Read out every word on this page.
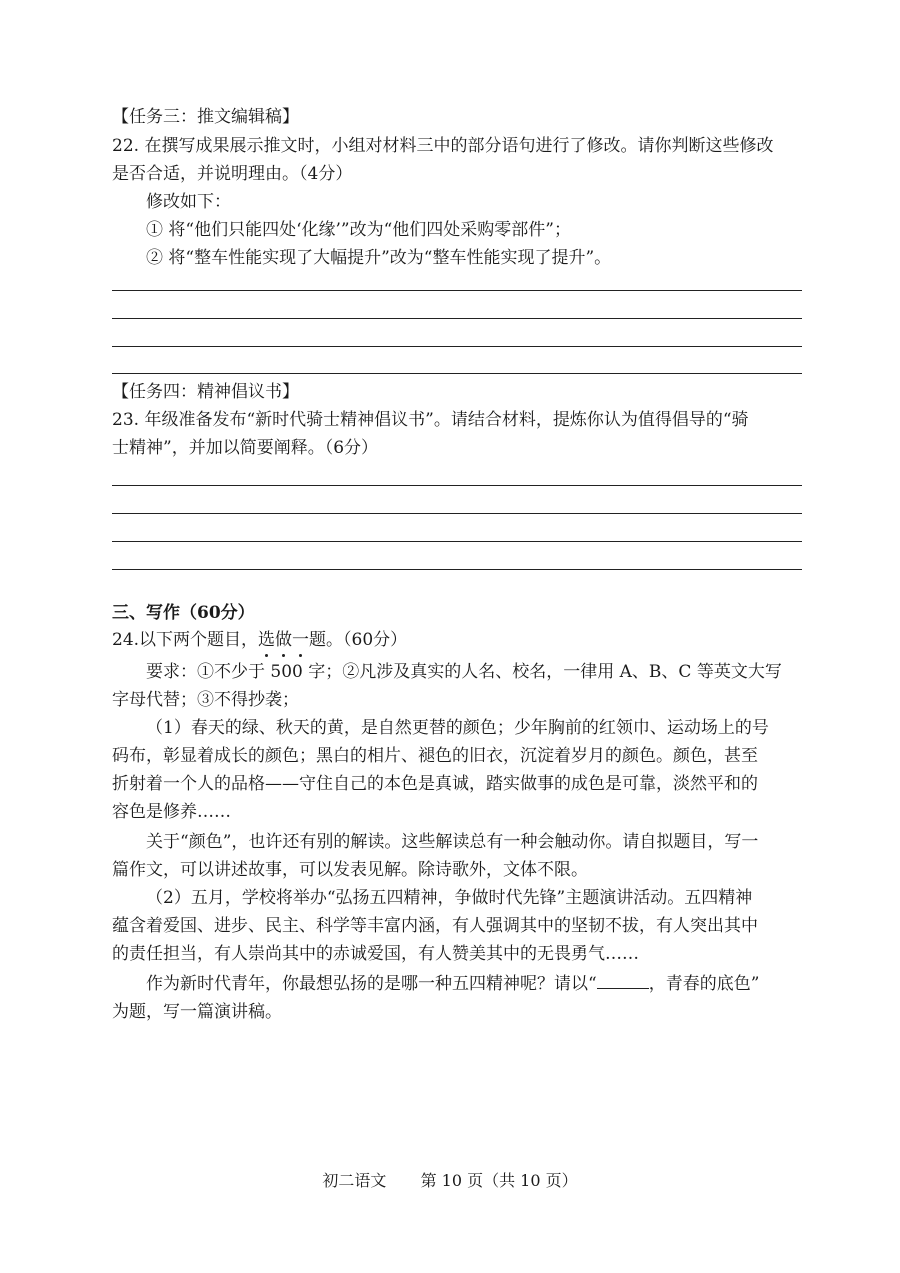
【任务三：推文编辑稿】
22. 在撰写成果展示推文时，小组对材料三中的部分语句进行了修改。请你判断这些修改
是否合适，并说明理由。（4分）
修改如下：
① 将“他们只能四处‘化缘’”改为“他们四处采购零部件”；
② 将“整车性能实现了大幅提升”改为“整车性能实现了提升”。
【任务四：精神倡议书】
23. 年级准备发布“新时代骑士精神倡议书”。请结合材料，提炼你认为值得倡导的“骑
士精神”，并加以简要阐释。（6分）
三、写作（60分）
24.以下两个题目，选做一题。（60分）
要求：①不少于 500 字；②凡涉及真实的人名、校名，一律用 A、B、C 等英文大写
字母代替；③不得抄袭；
（1）春天的绿、秋天的黄，是自然更替的颜色；少年胸前的红领巾、运动场上的号
码布，彰显着成长的颜色；黑白的相片、褪色的旧衣，沉淀着岁月的颜色。颜色，甚至
折射着一个人的品格——守住自己的本色是真诚，踏实做事的成色是可靠，淡然平和的
容色是修养……
关于“颜色”，也许还有别的解读。这些解读总有一种会触动你。请自拟题目，写一
篇作文，可以讲述故事，可以发表见解。除诗歌外，文体不限。
（2）五月，学校将举办“弘扬五四精神，争做时代先锋”主题演讲活动。五四精神
蕴含着爱国、进步、民主、科学等丰富内涵，有人强调其中的坚韧不拔，有人突出其中
的责任担当，有人崇尚其中的赤诚爱国，有人赞美其中的无畏勇气……
作为新时代青年，你最想弘扬的是哪一种五四精神呢？请以“	，青春的底色”
为题，写一篇演讲稿。
初二语文 第 10 页（共 10 页）
